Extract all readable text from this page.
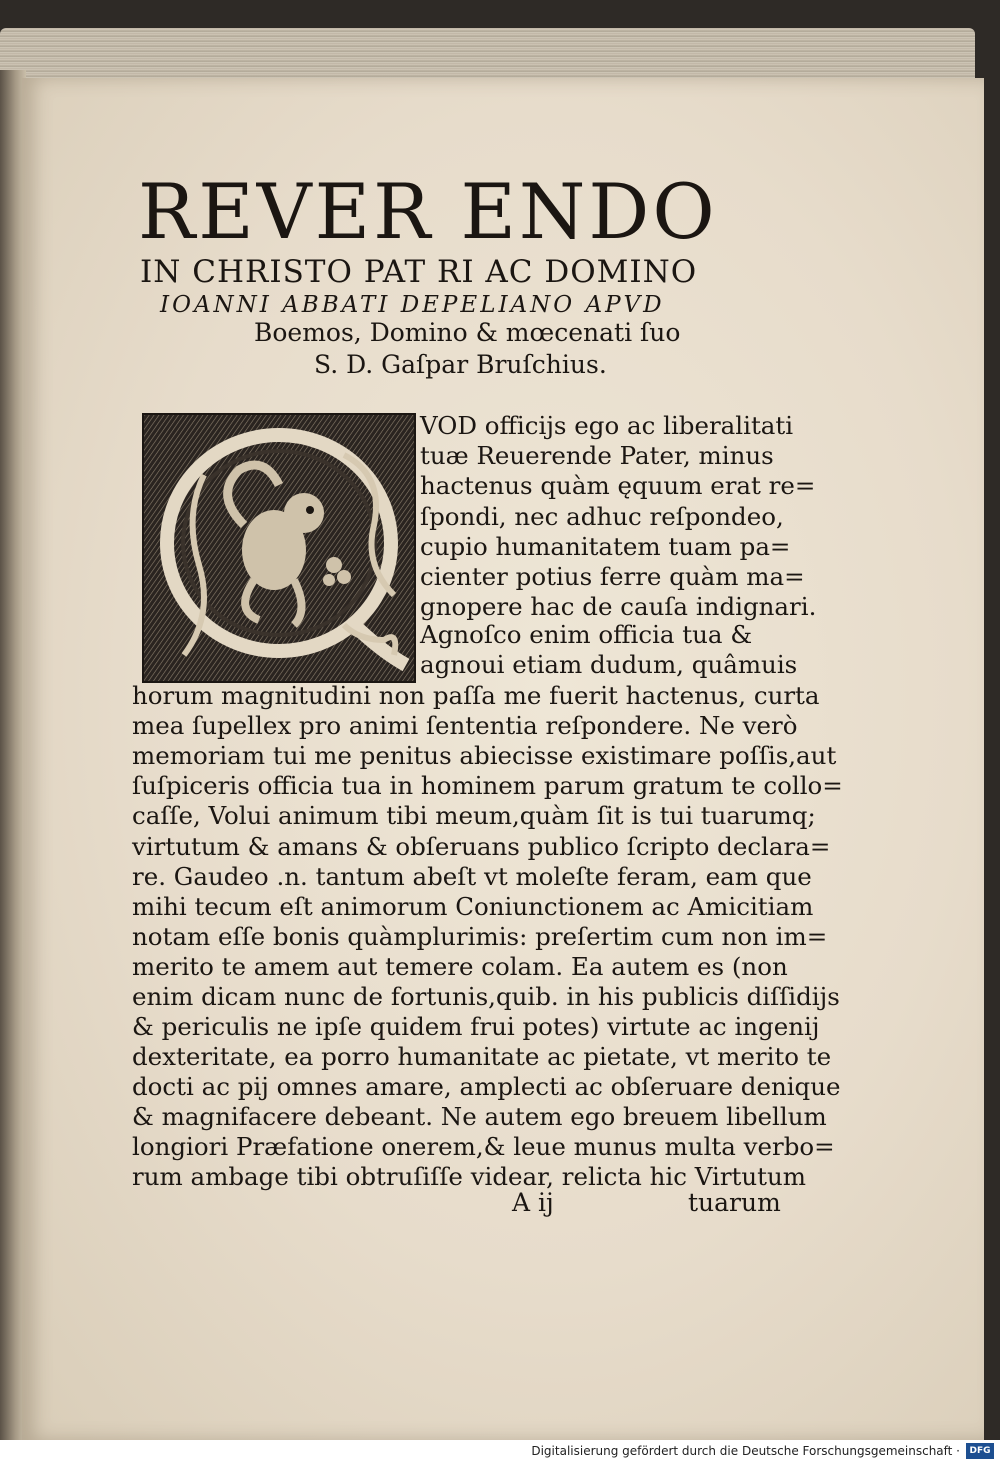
REVER ENDO

IN CHRISTO PAT RI AC DOMINO

IOANNI ABBATI DEPELIANO APVD

Boemos, Domino & mœcenati ſuo

S. D. Gaſpar Bruſchius.

VOD officijs ego ac liberalitati

tuæ Reuerende Pater, minus

hactenus quàm ęquum erat re=

ſpondi, nec adhuc reſpondeo,

cupio humanitatem tuam pa=

cienter potius ferre quàm ma=

gnopere hac de cauſa indignari.

Agnoſco enim officia tua &

agnoui etiam dudum, quâmuis

horum magnitudini non paſſa me fuerit hactenus, curta

mea ſupellex pro animi ſententia reſpondere. Ne verò

memoriam tui me penitus abiecisse existimare poſſis,aut

ſuſpiceris officia tua in hominem parum gratum te collo=

caſſe, Volui animum tibi meum,quàm ſit is tui tuarumq;

virtutum & amans & obſeruans publico ſcripto declara=

re. Gaudeo .n. tantum abeſt vt moleſte feram, eam que

mihi tecum eſt animorum Coniunctionem ac Amicitiam

notam eſſe bonis quàmplurimis: preſertim cum non im=

merito te amem aut temere colam. Ea autem es (non

enim dicam nunc de fortunis,quib. in his publicis diſſidijs

& periculis ne ipſe quidem frui potes) virtute ac ingenij

dexteritate, ea porro humanitate ac pietate, vt merito te

docti ac pij omnes amare, amplecti ac obſeruare denique

& magnifacere debeant. Ne autem ego breuem libellum

longiori Præfatione onerem,& leue munus multa verbo=

rum ambage tibi obtruſiſſe videar, relicta hic Virtutum

A ij	tuarum
Digitalisierung gefördert durch die Deutsche Forschungsgemeinschaft ·	DFG
